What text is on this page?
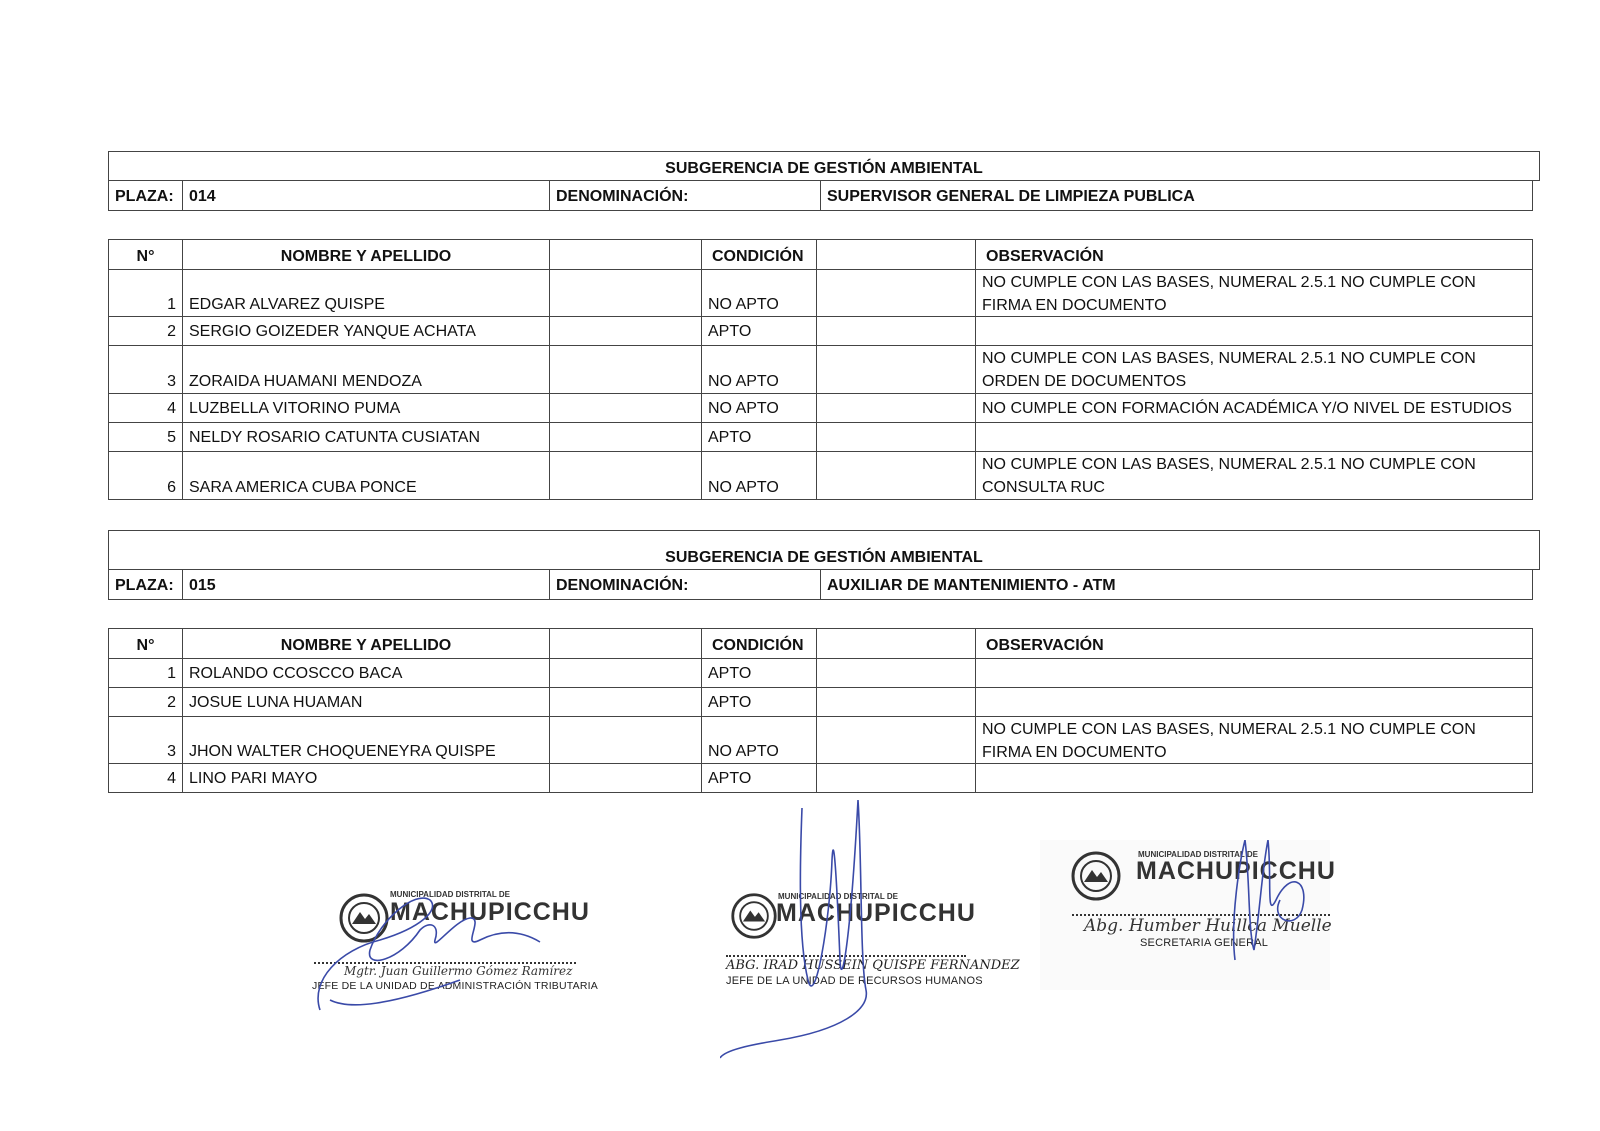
SUBGERENCIA DE GESTIÓN AMBIENTAL
PLAZA: 014	DENOMINACIÓN:	SUPERVISOR GENERAL DE LIMPIEZA PUBLICA
N°	NOMBRE Y APELLIDO	CONDICIÓN	OBSERVACIÓN
1 EDGAR ALVAREZ QUISPE	NO APTO
NO CUMPLE CON LAS BASES, NUMERAL 2.5.1 NO CUMPLE CON
FIRMA EN DOCUMENTO
2 SERGIO GOIZEDER YANQUE ACHATA	APTO
3 ZORAIDA HUAMANI MENDOZA	NO APTO
NO CUMPLE CON LAS BASES, NUMERAL 2.5.1 NO CUMPLE CON
ORDEN DE DOCUMENTOS
4 LUZBELLA VITORINO PUMA	NO APTO	NO CUMPLE CON FORMACIÓN ACADÉMICA Y/O NIVEL DE ESTUDIOS
5 NELDY ROSARIO CATUNTA CUSIATAN	APTO
6 SARA AMERICA CUBA PONCE	NO APTO
NO CUMPLE CON LAS BASES, NUMERAL 2.5.1 NO CUMPLE CON
CONSULTA RUC
SUBGERENCIA DE GESTIÓN AMBIENTAL
PLAZA: 015	DENOMINACIÓN:	AUXILIAR DE MANTENIMIENTO - ATM
N°	NOMBRE Y APELLIDO	CONDICIÓN	OBSERVACIÓN
1 ROLANDO CCOSCCO BACA	APTO
2 JOSUE LUNA HUAMAN	APTO
3 JHON WALTER CHOQUENEYRA QUISPE	NO APTO
NO CUMPLE CON LAS BASES, NUMERAL 2.5.1 NO CUMPLE CON
FIRMA EN DOCUMENTO
4 LINO PARI MAYO	APTO
MUNICIPALIDAD DISTRITAL DE
MACHUPICCHU
Mgtr. Juan Guillermo Gómez Ramírez
JEFE DE LA UNIDAD DE ADMINISTRACIÓN TRIBUTARIA
MUNICIPALIDAD DISTRITAL DE
MACHUPICCHU
ABG. IRAD HUSSEIN QUISPE FERNANDEZ
JEFE DE LA UNIDAD DE RECURSOS HUMANOS
MUNICIPALIDAD DISTRITAL DE
MACHUPICCHU
Abg. Humber Huillca Muelle
SECRETARIA GENERAL
